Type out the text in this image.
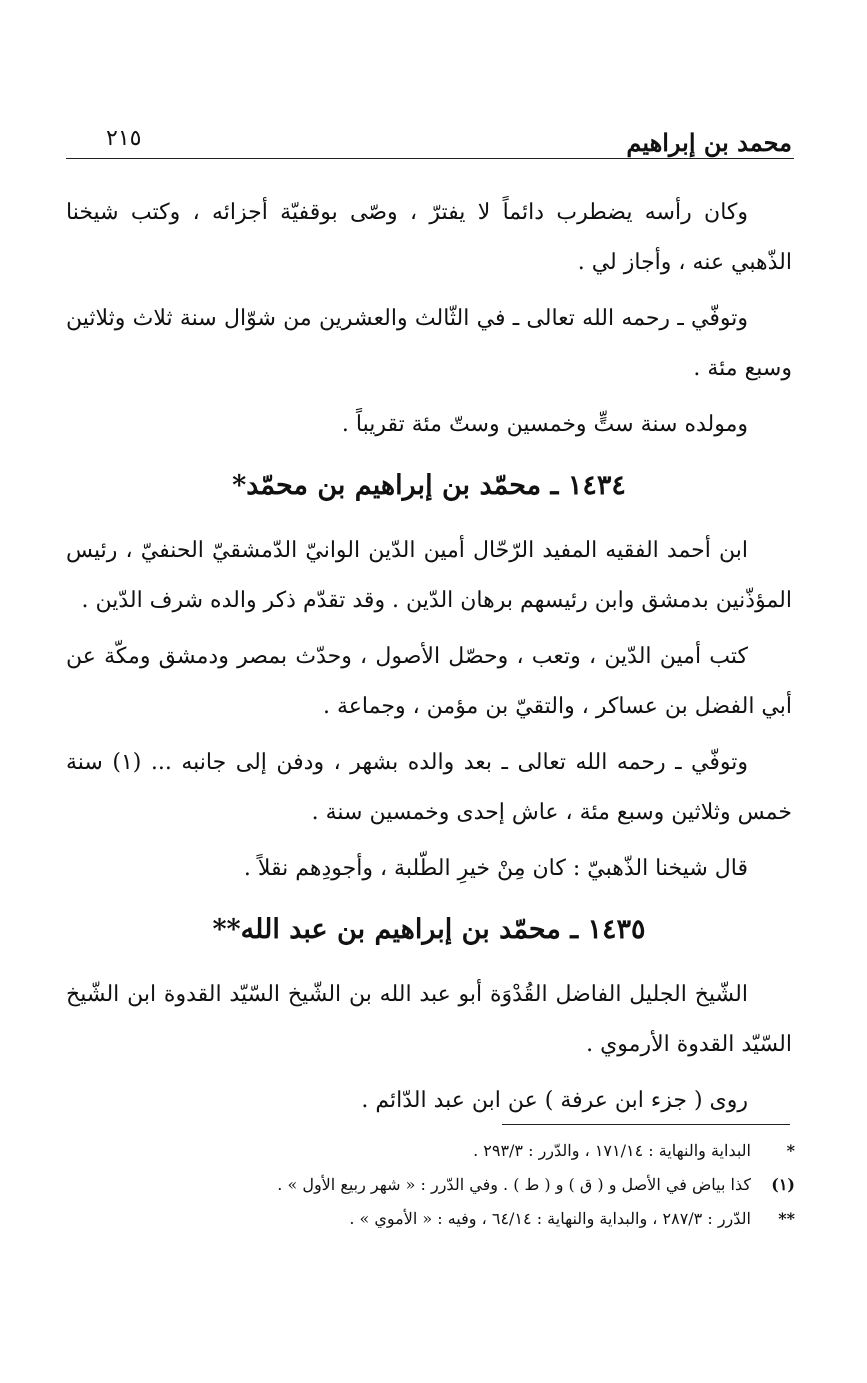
محمد بن إبراهيم
٢١٥

وكان رأسه يضطرب دائماً لا يفترّ ، وصّى بوقفيّة أجزائه ، وكتب شيخنا الذّهبي عنه ، وأجاز لي .

وتوفّي ـ رحمه الله تعالى ـ في الثّالث والعشرين من شوّال سنة ثلاث وثلاثين وسبع مئة .

ومولده سنة ستٍّ وخمسين وستّ مئة تقريباً .

١٤٣٤ ـ محمّد بن إبراهيم بن محمّد*

ابن أحمد الفقيه المفيد الرّحّال أمين الدّين الوانيّ الدّمشقيّ الحنفيّ ، رئيس المؤذّنين بدمشق وابن رئيسهم برهان الدّين . وقد تقدّم ذكر والده شرف الدّين .

كتب أمين الدّين ، وتعب ، وحصّل الأصول ، وحدّث بمصر ودمشق ومكّة عن أبي الفضل بن عساكر ، والتقيّ بن مؤمن ، وجماعة .

وتوفّي ـ رحمه الله تعالى ـ بعد والده بشهر ، ودفن إلى جانبه ... (١) سنة خمس وثلاثين وسبع مئة ، عاش إحدى وخمسين سنة .

قال شيخنا الذّهبيّ : كان مِنْ خيرِ الطّلبة ، وأجودِهم نقلاً .

١٤٣٥ ـ محمّد بن إبراهيم بن عبد الله**

الشّيخ الجليل الفاضل القُدْوَة أبو عبد الله بن الشّيخ السّيّد القدوة ابن الشّيخ السّيّد القدوة الأرموي .

روى ( جزء ابن عرفة ) عن ابن عبد الدّائم .

*
البداية والنهاية : ١٧١/١٤ ، والدّرر : ٢٩٣/٣ .
(١)
كذا بياض في الأصل و ( ق ) و ( ط ) . وفي الدّرر : « شهر ربيع الأول » .
**
الدّرر : ٢٨٧/٣ ، والبداية والنهاية : ٦٤/١٤ ، وفيه : « الأموي » .
